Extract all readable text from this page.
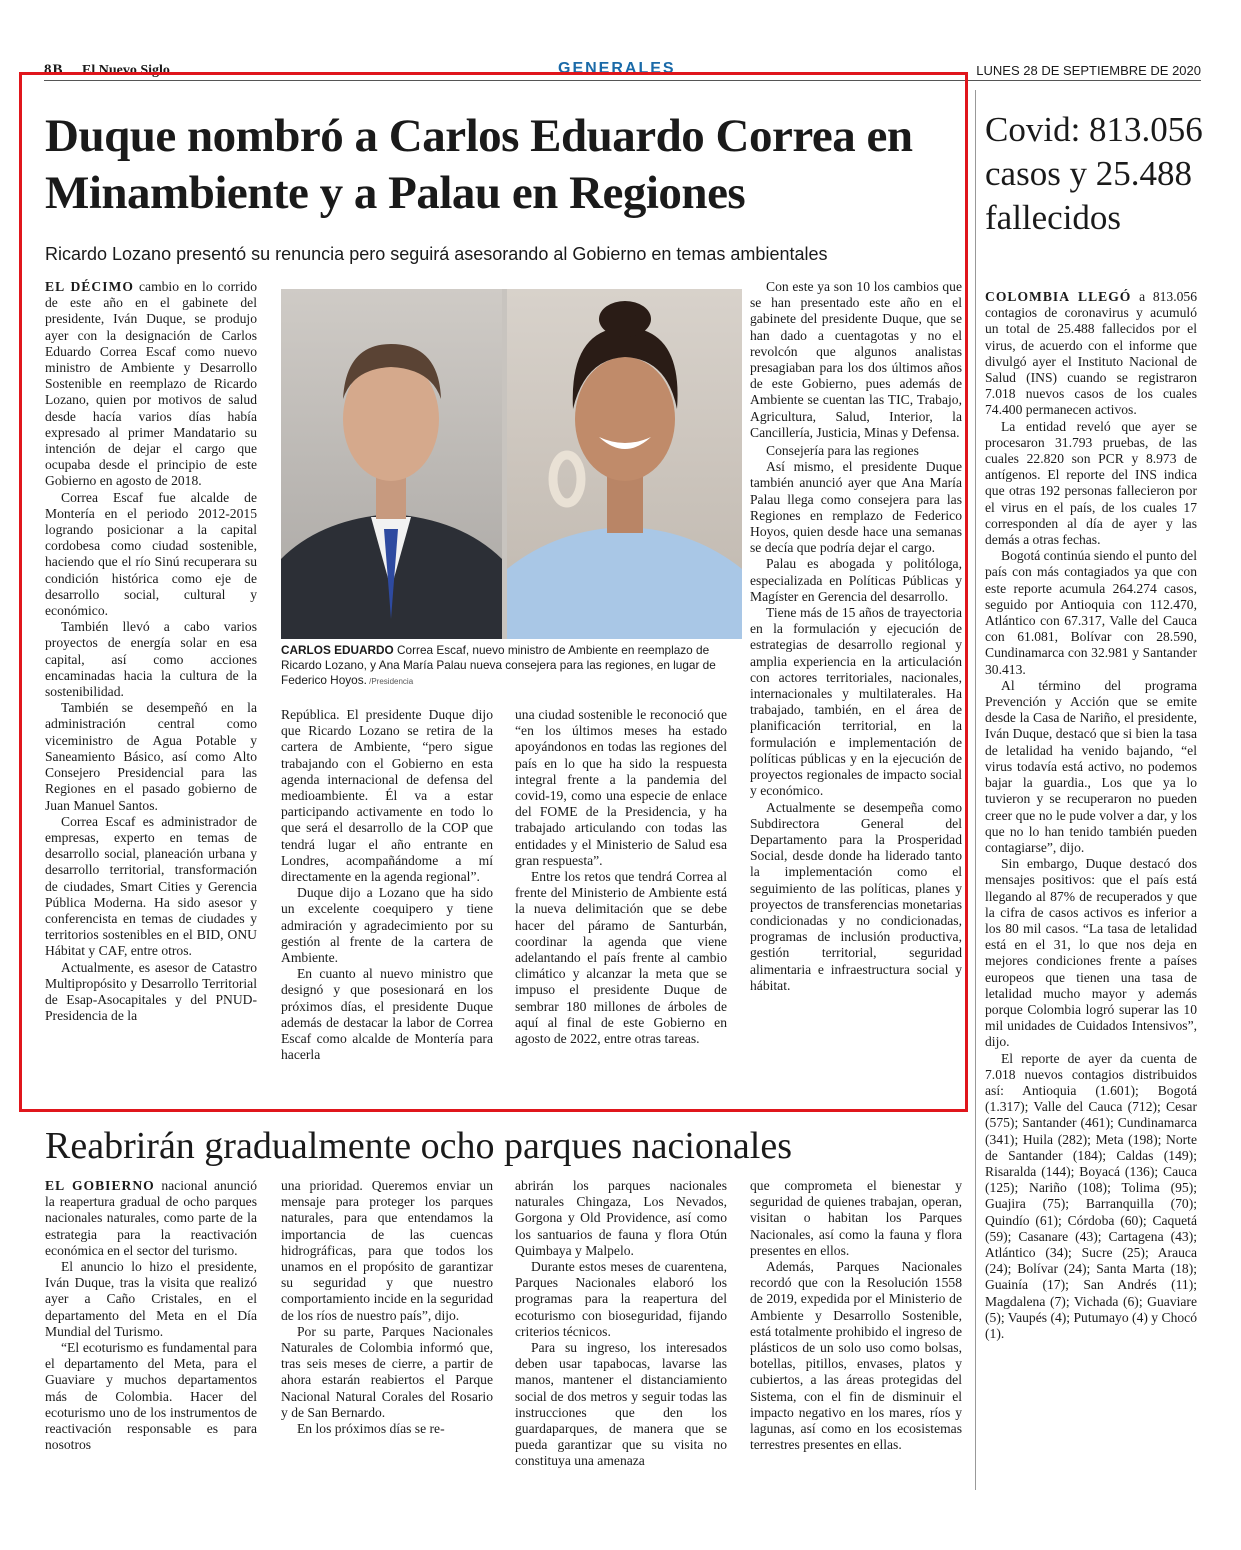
8B El Nuevo Siglo	GENERALES	LUNES 28 DE SEPTIEMBRE DE 2020
Duque nombró a Carlos Eduardo Correa en Minambiente y a Palau en Regiones
Ricardo Lozano presentó su renuncia pero seguirá asesorando al Gobierno en temas ambientales

EL DÉCIMO cambio en lo corrido de este año en el gabinete del presidente, Iván Duque, se produjo ayer con la designación de Carlos Eduardo Correa Escaf como nuevo ministro de Ambiente y Desarrollo Sostenible en reemplazo de Ricardo Lozano, quien por motivos de salud desde hacía varios días había expresado al primer Mandatario su intención de dejar el cargo que ocupaba desde el principio de este Gobierno en agosto de 2018.

Correa Escaf fue alcalde de Montería en el periodo 2012-2015 logrando posicionar a la capital cordobesa como ciudad sostenible, haciendo que el río Sinú recuperara su condición histórica como eje de desarrollo social, cultural y económico.

También llevó a cabo varios proyectos de energía solar en esa capital, así como acciones encaminadas hacia la cultura de la sostenibilidad.

También se desempeñó en la administración central como viceministro de Agua Potable y Saneamiento Básico, así como Alto Consejero Presidencial para las Regiones en el pasado gobierno de Juan Manuel Santos.

Correa Escaf es administrador de empresas, experto en temas de desarrollo social, planeación urbana y desarrollo territorial, transformación de ciudades, Smart Cities y Gerencia Pública Moderna. Ha sido asesor y conferencista en temas de ciudades y territorios sostenibles en el BID, ONU Hábitat y CAF, entre otros.

Actualmente, es asesor de Catastro Multipropósito y Desarrollo Territorial de Esap-Asocapitales y del PNUD-Presidencia de la

CARLOS EDUARDO Correa Escaf, nuevo ministro de Ambiente en reemplazo de Ricardo Lozano, y Ana María Palau nueva consejera para las regiones, en lugar de Federico Hoyos. /Presidencia

República. El presidente Duque dijo que Ricardo Lozano se retira de la cartera de Ambiente, “pero sigue trabajando con el Gobierno en esta agenda internacional de defensa del medioambiente. Él va a estar participando activamente en todo lo que será el desarrollo de la COP que tendrá lugar el año entrante en Londres, acompañándome a mí directamente en la agenda regional”.

Duque dijo a Lozano que ha sido un excelente coequipero y tiene admiración y agradecimiento por su gestión al frente de la cartera de Ambiente.

En cuanto al nuevo ministro que designó y que posesionará en los próximos días, el presidente Duque además de destacar la labor de Correa Escaf como alcalde de Montería para hacerla

una ciudad sostenible le reconoció que “en los últimos meses ha estado apoyándonos en todas las regiones del país en lo que ha sido la respuesta integral frente a la pandemia del covid-19, como una especie de enlace del FOME de la Presidencia, y ha trabajado articulando con todas las entidades y el Ministerio de Salud esa gran respuesta”.

Entre los retos que tendrá Correa al frente del Ministerio de Ambiente está la nueva delimitación que se debe hacer del páramo de Santurbán, coordinar la agenda que viene adelantando el país frente al cambio climático y alcanzar la meta que se impuso el presidente Duque de sembrar 180 millones de árboles de aquí al final de este Gobierno en agosto de 2022, entre otras tareas.

Con este ya son 10 los cambios que se han presentado este año en el gabinete del presidente Duque, que se han dado a cuentagotas y no el revolcón que algunos analistas presagiaban para los dos últimos años de este Gobierno, pues además de Ambiente se cuentan las TIC, Trabajo, Agricultura, Salud, Interior, la Cancillería, Justicia, Minas y Defensa.

Consejería para las regiones

Así mismo, el presidente Duque también anunció ayer que Ana María Palau llega como consejera para las Regiones en remplazo de Federico Hoyos, quien desde hace una semanas se decía que podría dejar el cargo.

Palau es abogada y politóloga, especializada en Políticas Públicas y Magíster en Gerencia del desarrollo.

Tiene más de 15 años de trayectoria en la formulación y ejecución de estrategias de desarrollo regional y amplia experiencia en la articulación con actores territoriales, nacionales, internacionales y multilaterales. Ha trabajado, también, en el área de planificación territorial, en la formulación e implementación de políticas públicas y en la ejecución de proyectos regionales de impacto social y económico.

Actualmente se desempeña como Subdirectora General del Departamento para la Prosperidad Social, desde donde ha liderado tanto la implementación como el seguimiento de las políticas, planes y proyectos de transferencias monetarias condicionadas y no condicionadas, programas de inclusión productiva, gestión territorial, seguridad alimentaria e infraestructura social y hábitat.

Covid: 813.056 casos y 25.488 fallecidos

COLOMBIA LLEGÓ a 813.056 contagios de coronavirus y acumuló un total de 25.488 fallecidos por el virus, de acuerdo con el informe que divulgó ayer el Instituto Nacional de Salud (INS) cuando se registraron 7.018 nuevos casos de los cuales 74.400 permanecen activos.

La entidad reveló que ayer se procesaron 31.793 pruebas, de las cuales 22.820 son PCR y 8.973 de antígenos. El reporte del INS indica que otras 192 personas fallecieron por el virus en el país, de los cuales 17 corresponden al día de ayer y las demás a otras fechas.

Bogotá continúa siendo el punto del país con más contagiados ya que con este reporte acumula 264.274 casos, seguido por Antioquia con 112.470, Atlántico con 67.317, Valle del Cauca con 61.081, Bolívar con 28.590, Cundinamarca con 32.981 y Santander 30.413.

Al término del programa Prevención y Acción que se emite desde la Casa de Nariño, el presidente, Iván Duque, destacó que si bien la tasa de letalidad ha venido bajando, “el virus todavía está activo, no podemos bajar la guardia., Los que ya lo tuvieron y se recuperaron no pueden creer que no le pude volver a dar, y los que no lo han tenido también pueden contagiarse”, dijo.

Sin embargo, Duque destacó dos mensajes positivos: que el país está llegando al 87% de recuperados y que la cifra de casos activos es inferior a los 80 mil casos. “La tasa de letalidad está en el 31, lo que nos deja en mejores condiciones frente a países europeos que tienen una tasa de letalidad mucho mayor y además porque Colombia logró superar las 10 mil unidades de Cuidados Intensivos”, dijo.

El reporte de ayer da cuenta de 7.018 nuevos contagios distribuidos así: Antioquia (1.601); Bogotá (1.317); Valle del Cauca (712); Cesar (575); Santander (461); Cundinamarca (341); Huila (282); Meta (198); Norte de Santander (184); Caldas (149); Risaralda (144); Boyacá (136); Cauca (125); Nariño (108); Tolima (95); Guajira (75); Barranquilla (70); Quindío (61); Córdoba (60); Caquetá (59); Casanare (43); Cartagena (43); Atlántico (34); Sucre (25); Arauca (24); Bolívar (24); Santa Marta (18); Guainía (17); San Andrés (11); Magdalena (7); Vichada (6); Guaviare (5); Vaupés (4); Putumayo (4) y Chocó (1).

Reabrirán gradualmente ocho parques nacionales

EL GOBIERNO nacional anunció la reapertura gradual de ocho parques nacionales naturales, como parte de la estrategia para la reactivación económica en el sector del turismo.

El anuncio lo hizo el presidente, Iván Duque, tras la visita que realizó ayer a Caño Cristales, en el departamento del Meta en el Día Mundial del Turismo.

“El ecoturismo es fundamental para el departamento del Meta, para el Guaviare y muchos departamentos más de Colombia. Hacer del ecoturismo uno de los instrumentos de reactivación responsable es para nosotros

una prioridad. Queremos enviar un mensaje para proteger los parques naturales, para que entendamos la importancia de las cuencas hidrográficas, para que todos los unamos en el propósito de garantizar su seguridad y que nuestro comportamiento incide en la seguridad de los ríos de nuestro país”, dijo.

Por su parte, Parques Nacionales Naturales de Colombia informó que, tras seis meses de cierre, a partir de ahora estarán reabiertos el Parque Nacional Natural Corales del Rosario y de San Bernardo.

En los próximos días se re-

abrirán los parques nacionales naturales Chingaza, Los Nevados, Gorgona y Old Providence, así como los santuarios de fauna y flora Otún Quimbaya y Malpelo.

Durante estos meses de cuarentena, Parques Nacionales elaboró los programas para la reapertura del ecoturismo con bioseguridad, fijando criterios técnicos.

Para su ingreso, los interesados deben usar tapabocas, lavarse las manos, mantener el distanciamiento social de dos metros y seguir todas las instrucciones que den los guardaparques, de manera que se pueda garantizar que su visita no constituya una amenaza

que comprometa el bienestar y seguridad de quienes trabajan, operan, visitan o habitan los Parques Nacionales, así como la fauna y flora presentes en ellos.

Además, Parques Nacionales recordó que con la Resolución 1558 de 2019, expedida por el Ministerio de Ambiente y Desarrollo Sostenible, está totalmente prohibido el ingreso de plásticos de un solo uso como bolsas, botellas, pitillos, envases, platos y cubiertos, a las áreas protegidas del Sistema, con el fin de disminuir el impacto negativo en los mares, ríos y lagunas, así como en los ecosistemas terrestres presentes en ellas.
